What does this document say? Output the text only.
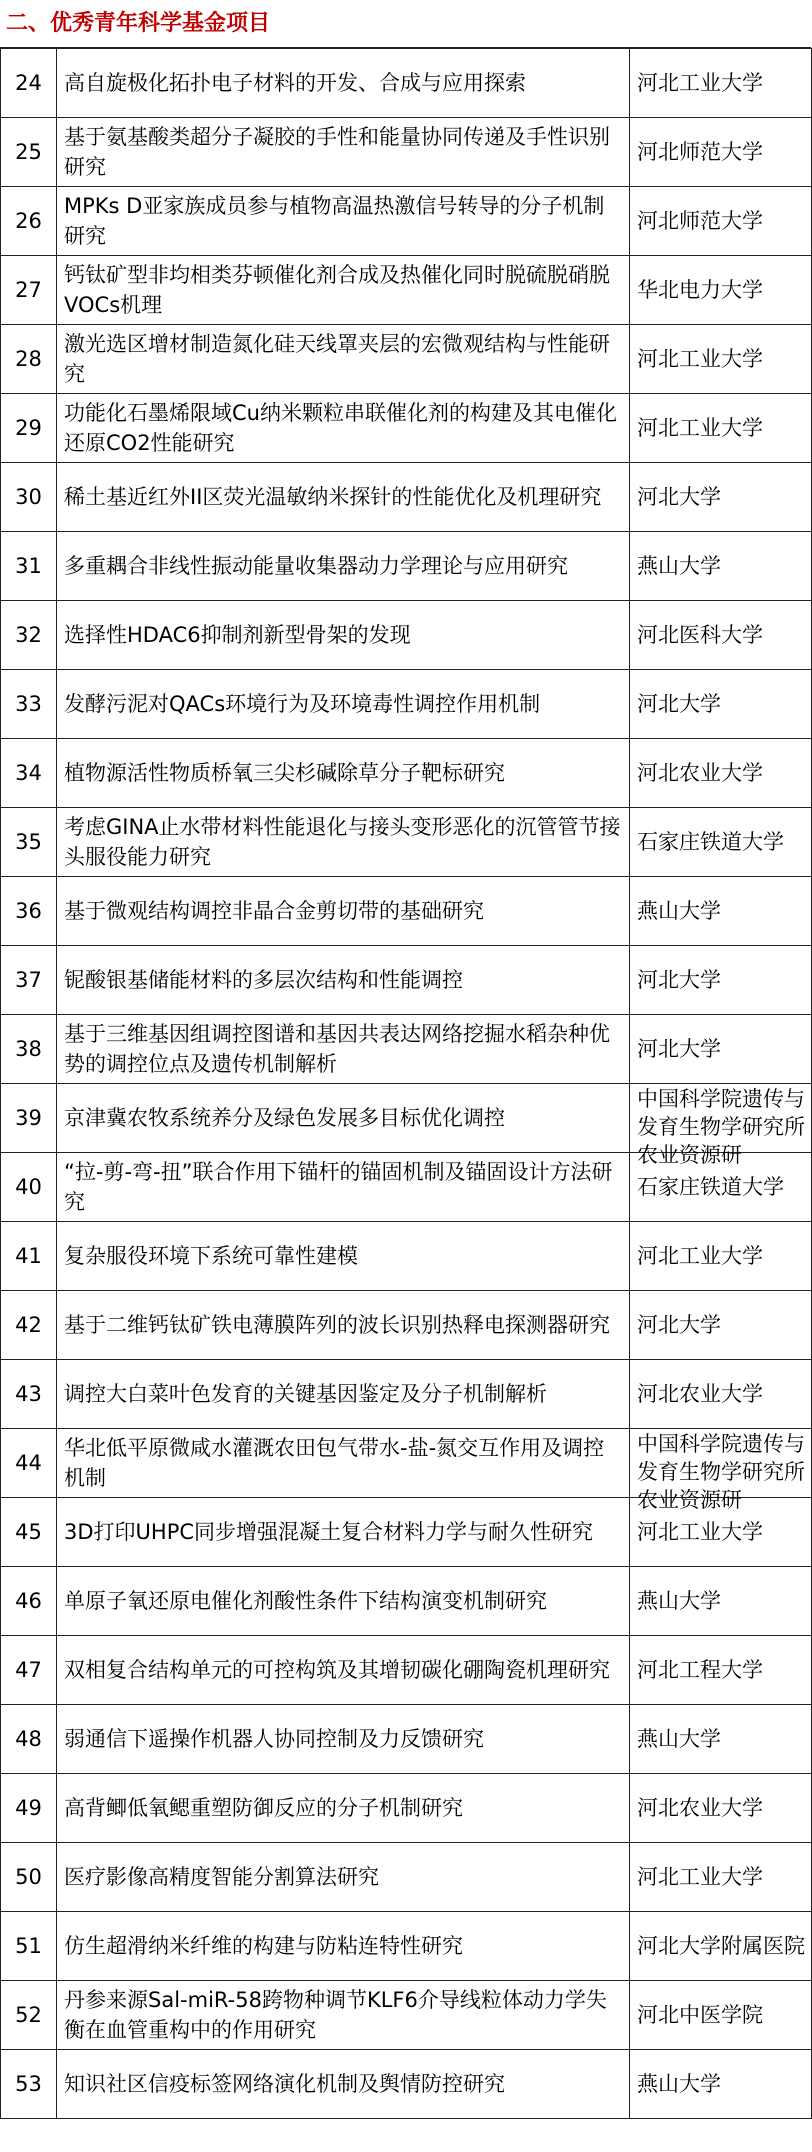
二、优秀青年科学基金项目
24	高自旋极化拓扑电子材料的开发、合成与应用探索	河北工业大学

25	基于氨基酸类超分子凝胶的手性和能量协同传递及手性识别研究	河北师范大学

26	MPKs D亚家族成员参与植物高温热激信号转导的分子机制研究	河北师范大学

27	钙钛矿型非均相类芬顿催化剂合成及热催化同时脱硫脱硝脱VOCs机理	华北电力大学

28	激光选区增材制造氮化硅天线罩夹层的宏微观结构与性能研究	河北工业大学

29	功能化石墨烯限域Cu纳米颗粒串联催化剂的构建及其电催化还原CO2性能研究	河北工业大学

30	稀土基近红外II区荧光温敏纳米探针的性能优化及机理研究	河北大学

31	多重耦合非线性振动能量收集器动力学理论与应用研究	燕山大学

32	选择性HDAC6抑制剂新型骨架的发现	河北医科大学

33	发酵污泥对QACs环境行为及环境毒性调控作用机制	河北大学

34	植物源活性物质桥氧三尖杉碱除草分子靶标研究	河北农业大学

35	考虑GINA止水带材料性能退化与接头变形恶化的沉管管节接头服役能力研究	石家庄铁道大学

36	基于微观结构调控非晶合金剪切带的基础研究	燕山大学

37	铌酸银基储能材料的多层次结构和性能调控	河北大学

38	基于三维基因组调控图谱和基因共表达网络挖掘水稻杂种优势的调控位点及遗传机制解析	河北大学

39	京津冀农牧系统养分及绿色发展多目标优化调控	中国科学院遗传与发育生物学研究所农业资源研

40	“拉-剪-弯-扭”联合作用下锚杆的锚固机制及锚固设计方法研究	石家庄铁道大学

41	复杂服役环境下系统可靠性建模	河北工业大学

42	基于二维钙钛矿铁电薄膜阵列的波长识别热释电探测器研究	河北大学

43	调控大白菜叶色发育的关键基因鉴定及分子机制解析	河北农业大学

44	华北低平原微咸水灌溉农田包气带水-盐-氮交互作用及调控机制	中国科学院遗传与发育生物学研究所农业资源研

45	3D打印UHPC同步增强混凝土复合材料力学与耐久性研究	河北工业大学

46	单原子氧还原电催化剂酸性条件下结构演变机制研究	燕山大学

47	双相复合结构单元的可控构筑及其增韧碳化硼陶瓷机理研究	河北工程大学

48	弱通信下遥操作机器人协同控制及力反馈研究	燕山大学

49	高背鲫低氧鳃重塑防御反应的分子机制研究	河北农业大学

50	医疗影像高精度智能分割算法研究	河北工业大学

51	仿生超滑纳米纤维的构建与防粘连特性研究	河北大学附属医院

52	丹参来源Sal-miR-58跨物种调节KLF6介导线粒体动力学失衡在血管重构中的作用研究	河北中医学院

53	知识社区信疫标签网络演化机制及舆情防控研究	燕山大学
